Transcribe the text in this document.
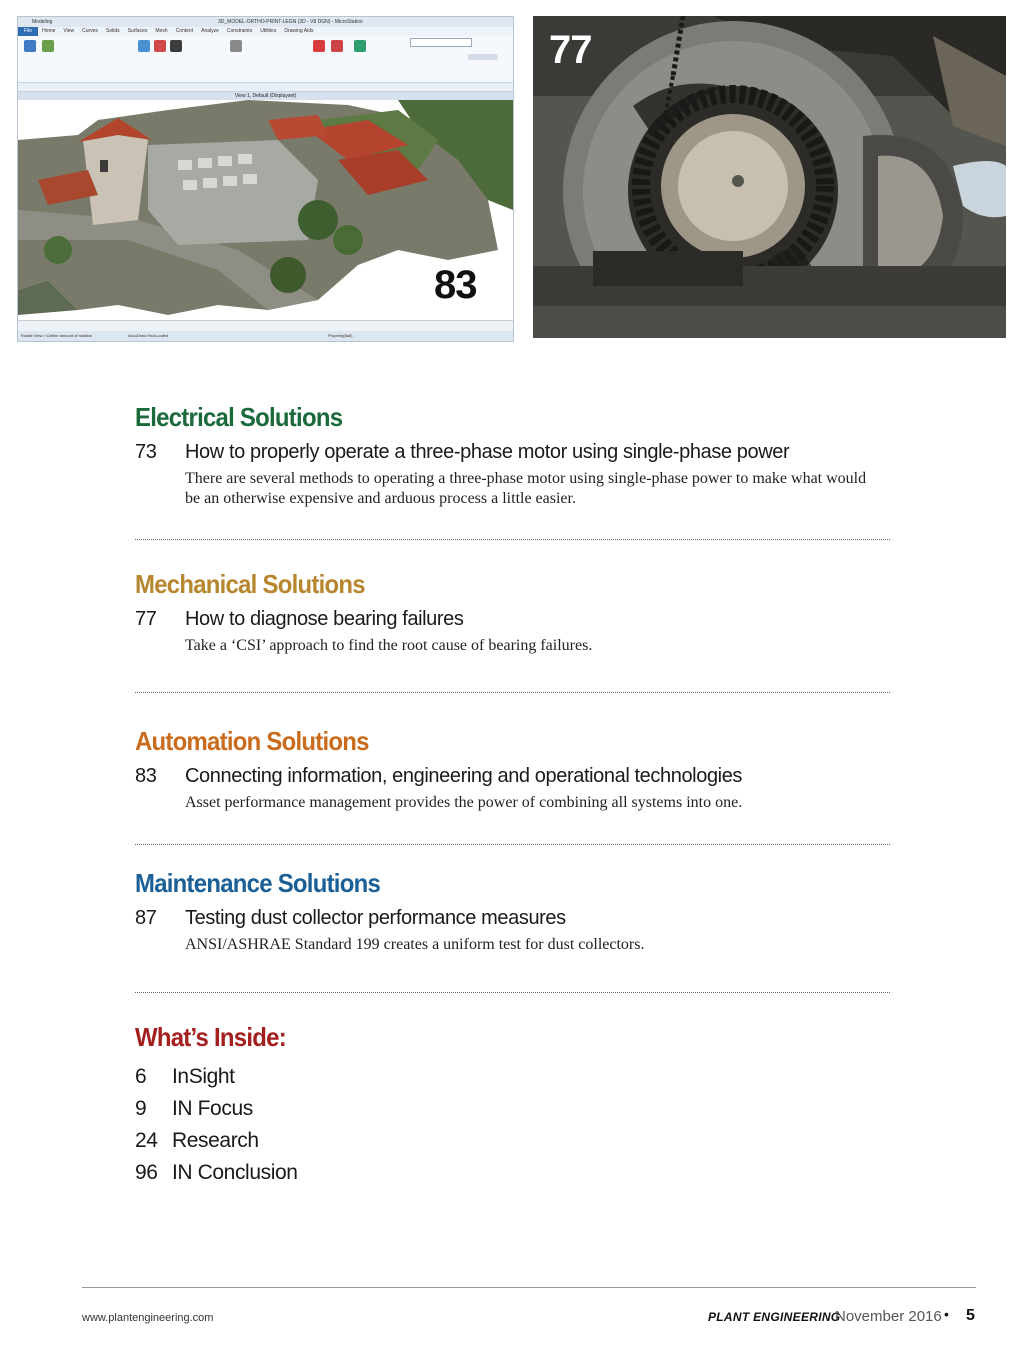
Modeling	3D_MODEL-ORTHO-PRINT-LEGN (3D - V8 DGN) - MicroStation
File Home View Curves Solids Surfaces Mesh Content Analyze Constraints Utilities Drawing Aids
View 1, Default (Displayset)
Rotate View > Define amount of rotation	AccuDraw Hard-coded	Property(Ball)
83
77
Electrical Solutions
73 How to properly operate a three-phase motor using single-phase power
There are several methods to operating a three-phase motor using single-phase power to make what would be an otherwise expensive and arduous process a little easier.
Mechanical Solutions
77 How to diagnose bearing failures
Take a ‘CSI’ approach to find the root cause of bearing failures.
Automation Solutions
83 Connecting information, engineering and operational technologies
Asset performance management provides the power of combining all systems into one.
Maintenance Solutions
87 Testing dust collector performance measures
ANSI/ASHRAE Standard 199 creates a uniform test for dust collectors.
What’s Inside:
6 InSight
9 IN Focus
24 Research
96 IN Conclusion
www.plantengineering.com	PLANT ENGINEERING
November 2016 • 5
